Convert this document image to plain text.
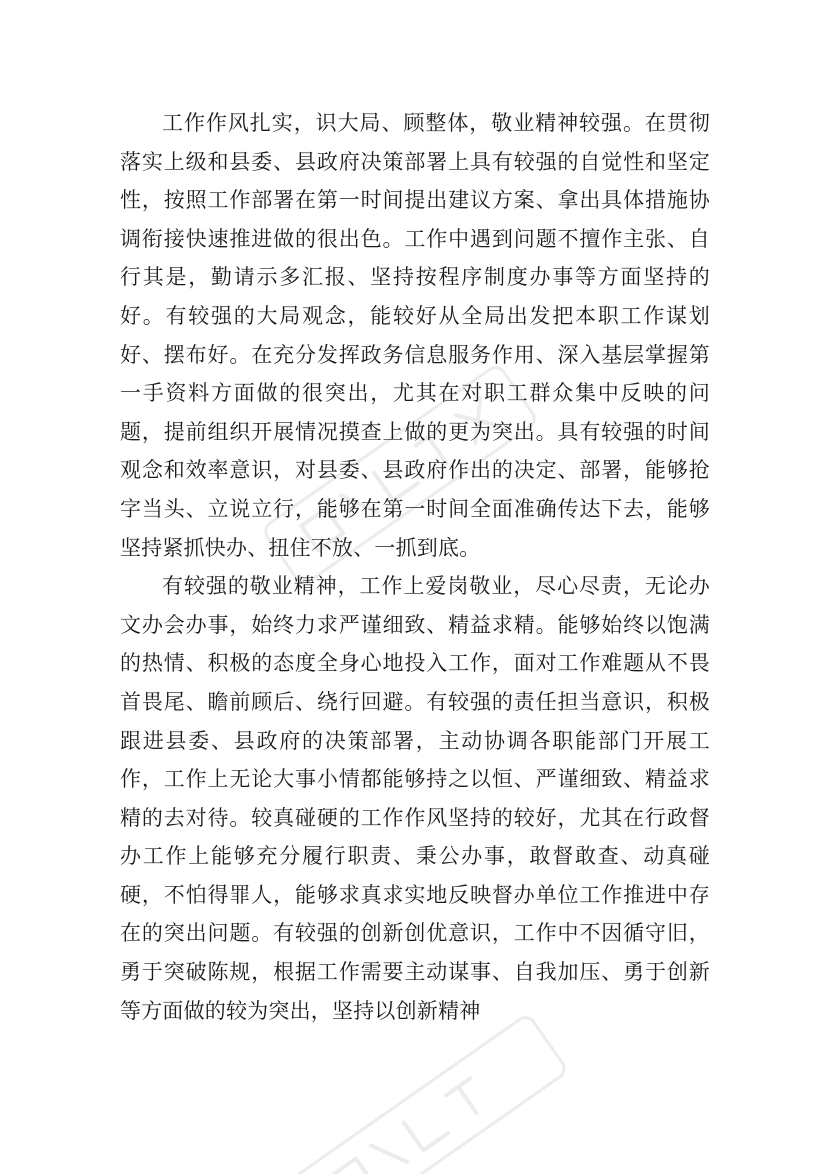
工作作风扎实，识大局、顾整体，敬业精神较强。在贯彻落实上级和县委、县政府决策部署上具有较强的自觉性和坚定性，按照工作部署在第一时间提出建议方案、拿出具体措施协调衔接快速推进做的很出色。工作中遇到问题不擅作主张、自行其是，勤请示多汇报、坚持按程序制度办事等方面坚持的好。有较强的大局观念，能较好从全局出发把本职工作谋划好、摆布好。在充分发挥政务信息服务作用、深入基层掌握第一手资料方面做的很突出，尤其在对职工群众集中反映的问题，提前组织开展情况摸查上做的更为突出。具有较强的时间观念和效率意识，对县委、县政府作出的决定、部署，能够抢字当头、立说立行，能够在第一时间全面准确传达下去，能够坚持紧抓快办、扭住不放、一抓到底。

有较强的敬业精神，工作上爱岗敬业，尽心尽责，无论办文办会办事，始终力求严谨细致、精益求精。能够始终以饱满的热情、积极的态度全身心地投入工作，面对工作难题从不畏首畏尾、瞻前顾后、绕行回避。有较强的责任担当意识，积极跟进县委、县政府的决策部署，主动协调各职能部门开展工作，工作上无论大事小情都能够持之以恒、严谨细致、精益求精的去对待。较真碰硬的工作作风坚持的较好，尤其在行政督办工作上能够充分履行职责、秉公办事，敢督敢查、动真碰硬，不怕得罪人，能够求真求实地反映督办单位工作推进中存在的突出问题。有较强的创新创优意识，工作中不因循守旧，勇于突破陈规，根据工作需要主动谋事、自我加压、勇于创新等方面做的较为突出，坚持以创新精神
